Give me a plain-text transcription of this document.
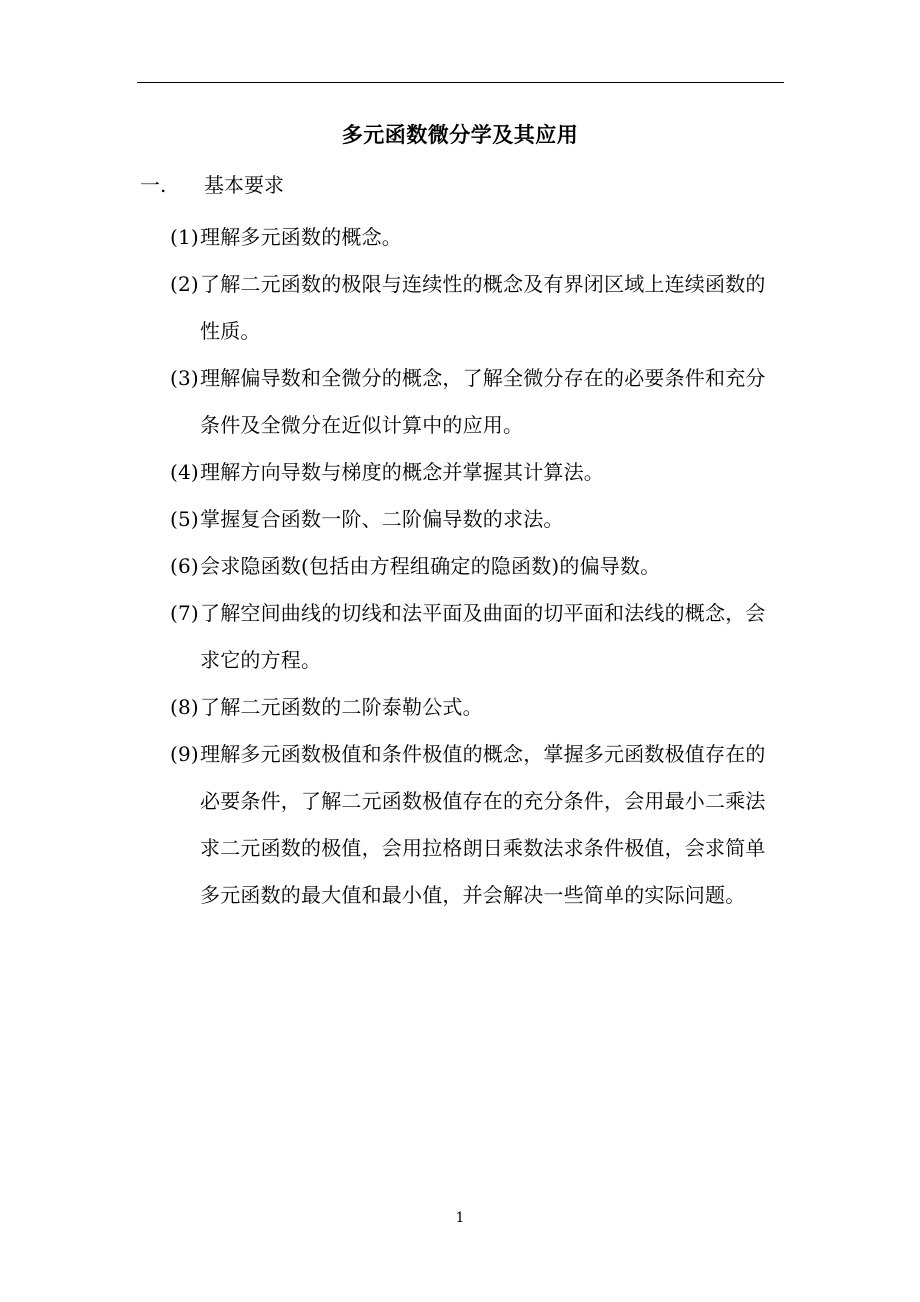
多元函数微分学及其应用
一. 基本要求
(1) 理解多元函数的概念。
(2) 了解二元函数的极限与连续性的概念及有界闭区域上连续函数的性质。
(3) 理解偏导数和全微分的概念，了解全微分存在的必要条件和充分条件及全微分在近似计算中的应用。
(4) 理解方向导数与梯度的概念并掌握其计算法。
(5) 掌握复合函数一阶、二阶偏导数的求法。
(6) 会求隐函数(包括由方程组确定的隐函数)的偏导数。
(7) 了解空间曲线的切线和法平面及曲面的切平面和法线的概念，会求它的方程。
(8) 了解二元函数的二阶泰勒公式。
(9) 理解多元函数极值和条件极值的概念，掌握多元函数极值存在的必要条件，了解二元函数极值存在的充分条件，会用最小二乘法求二元函数的极值，会用拉格朗日乘数法求条件极值，会求简单多元函数的最大值和最小值，并会解决一些简单的实际问题。
1
